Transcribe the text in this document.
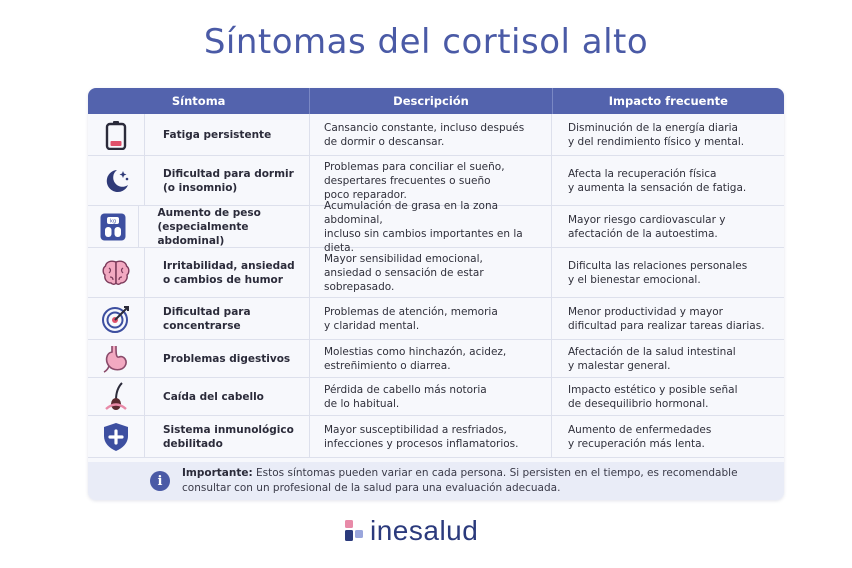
Síntomas del cortisol alto
Síntoma	Descripción	Impacto frecuente
Fatiga persistente
Cansancio constante, incluso después
de dormir o descansar.
Disminución de la energía diaria
y del rendimiento físico y mental.
Dificultad para dormir
(o insomnio)
Problemas para conciliar el sueño,
despertares frecuentes o sueño
poco reparador.
Afecta la recuperación física
y aumenta la sensación de fatiga.
kg
Aumento de peso
(especialmente abdominal)
Acumulación de grasa en la zona abdominal,
incluso sin cambios importantes en la dieta.
Mayor riesgo cardiovascular y
afectación de la autoestima.
Irritabilidad, ansiedad
o cambios de humor
Mayor sensibilidad emocional,
ansiedad o sensación de estar
sobrepasado.
Dificulta las relaciones personales
y el bienestar emocional.
Dificultad para
concentrarse
Problemas de atención, memoria
y claridad mental.
Menor productividad y mayor
dificultad para realizar tareas diarias.
Problemas digestivos
Molestias como hinchazón, acidez,
estreñimiento o diarrea.
Afectación de la salud intestinal
y malestar general.
Caída del cabello
Pérdida de cabello más notoria
de lo habitual.
Impacto estético y posible señal
de desequilibrio hormonal.
Sistema inmunológico
debilitado
Mayor susceptibilidad a resfriados,
infecciones y procesos inflamatorios.
Aumento de enfermedades
y recuperación más lenta.
i
Importante: Estos síntomas pueden variar en cada persona. Si persisten en el tiempo, es recomendable consultar con un profesional de la salud para una evaluación adecuada.
inesalud
